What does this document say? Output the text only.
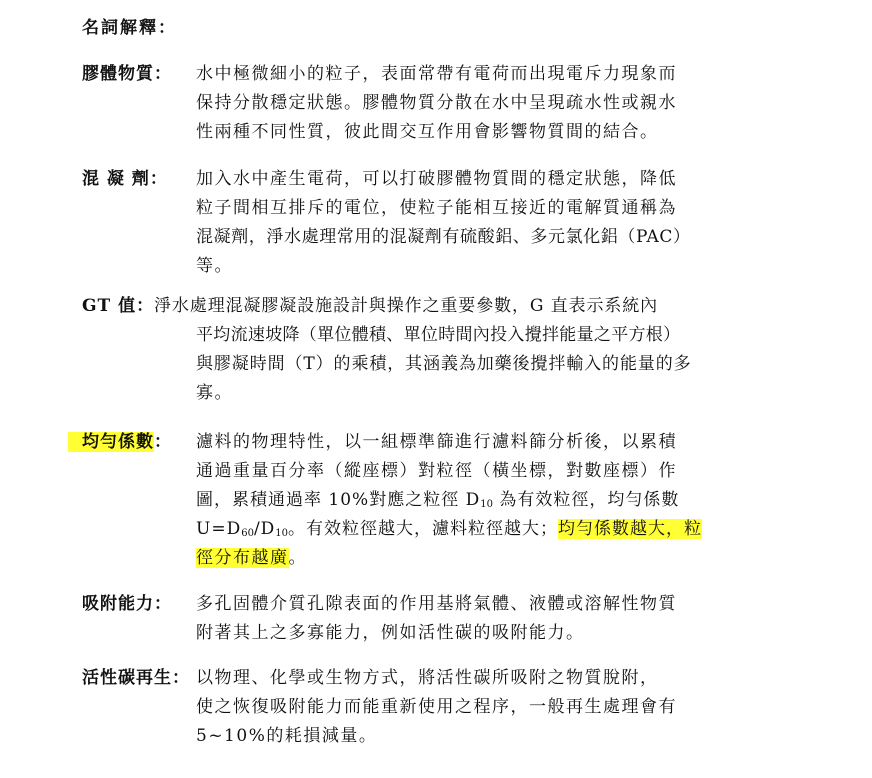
名詞解釋：
膠體物質： 水中極微細小的粒子，表面常帶有電荷而出現電斥力現象而
保持分散穩定狀態。膠體物質分散在水中呈現疏水性或親水
性兩種不同性質，彼此間交互作用會影響物質間的結合。
混 凝 劑： 加入水中產生電荷，可以打破膠體物質間的穩定狀態，降低
粒子間相互排斥的電位，使粒子能相互接近的電解質通稱為
混凝劑，淨水處理常用的混凝劑有硫酸鋁、多元氯化鋁（PAC）
等。
GT 值： 淨水處理混凝膠凝設施設計與操作之重要參數，G 直表示系統內
平均流速坡降（單位體積、單位時間內投入攪拌能量之平方根）
與膠凝時間（T）的乘積，其涵義為加藥後攪拌輸入的能量的多
寡。
均勻係數： 濾料的物理特性，以一組標準篩進行濾料篩分析後，以累積
通過重量百分率（縱座標）對粒徑（橫坐標，對數座標）作
圖，累積通過率 10%對應之粒徑 $D_{10}$ 為有效粒徑，均勻係數
$U=D_{60}/D_{10}$。有效粒徑越大，濾料粒徑越大；均勻係數越大，粒
徑分布越廣。
吸附能力： 多孔固體介質孔隙表面的作用基將氣體、液體或溶解性物質
附著其上之多寡能力，例如活性碳的吸附能力。
活性碳再生： 以物理、化學或生物方式，將活性碳所吸附之物質脫附，
使之恢復吸附能力而能重新使用之程序，一般再生處理會有
5~10%的耗損減量。
